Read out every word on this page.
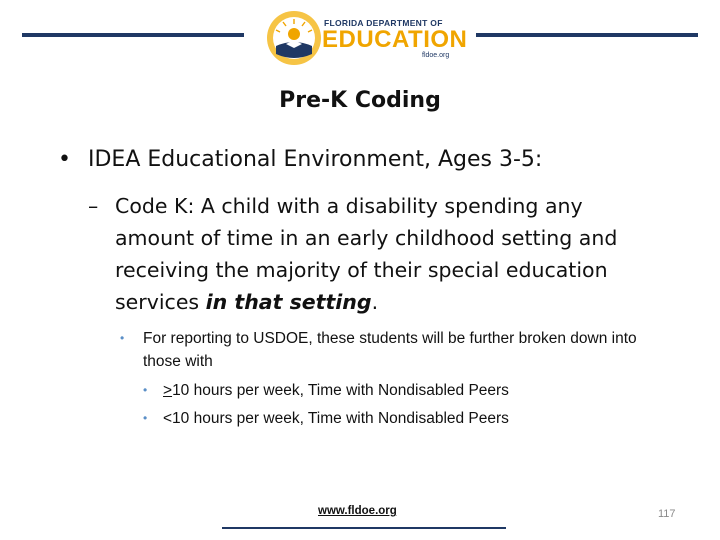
FLORIDA DEPARTMENT OF
EDUCATION
fldoe.org
Pre-K Coding
• IDEA Educational Environment, Ages 3-5:
– Code K: A child with a disability spending any amount of time in an early childhood setting and receiving the majority of their special education services in that setting.
• For reporting to USDOE, these students will be further broken down into those with
• >10 hours per week, Time with Nondisabled Peers
• <10 hours per week, Time with Nondisabled Peers
www.fldoe.org	117
